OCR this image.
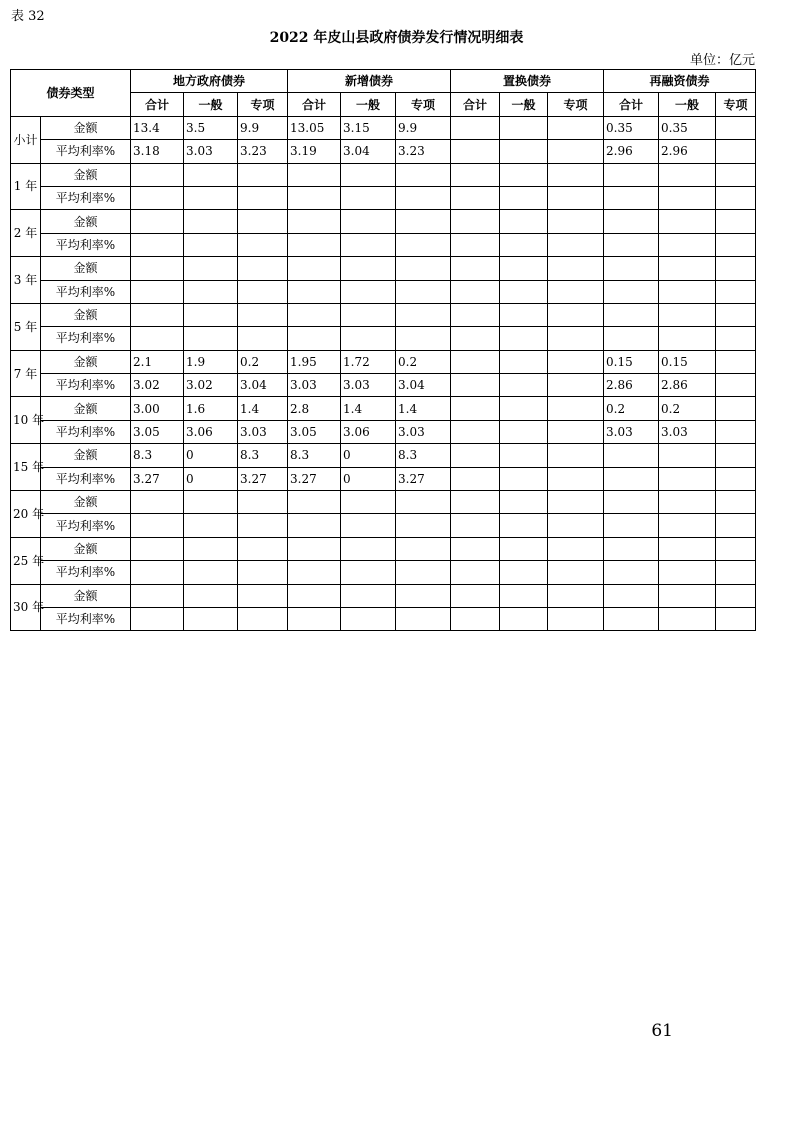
表 32
2022 年皮山县政府债券发行情况明细表
单位：亿元
债券类型		地方政府债券			新增债券			置换债券			再融资债券		
		合计	一般	专项	合计	一般	专项	合计	一般	专项	合计	一般	专项
小计	金额	13.4	3.5	9.9	13.05	3.15	9.9				0.35	0.35	
	平均利率%	3.18	3.03	3.23	3.19	3.04	3.23				2.96	2.96	
1 年	金额												
	平均利率%												
2 年	金额												
	平均利率%												
3 年	金额												
	平均利率%												
5 年	金额												
	平均利率%												
7 年	金额	2.1	1.9	0.2	1.95	1.72	0.2				0.15	0.15	
	平均利率%	3.02	3.02	3.04	3.03	3.03	3.04				2.86	2.86	
10 年	金额	3.00	1.6	1.4	2.8	1.4	1.4				0.2	0.2	
	平均利率%	3.05	3.06	3.03	3.05	3.06	3.03				3.03	3.03	
15 年	金额	8.3	0	8.3	8.3	0	8.3						
	平均利率%	3.27	0	3.27	3.27	0	3.27						
20 年	金额												
	平均利率%												
25 年	金额												
	平均利率%												
30 年	金额												
	平均利率%												
61
